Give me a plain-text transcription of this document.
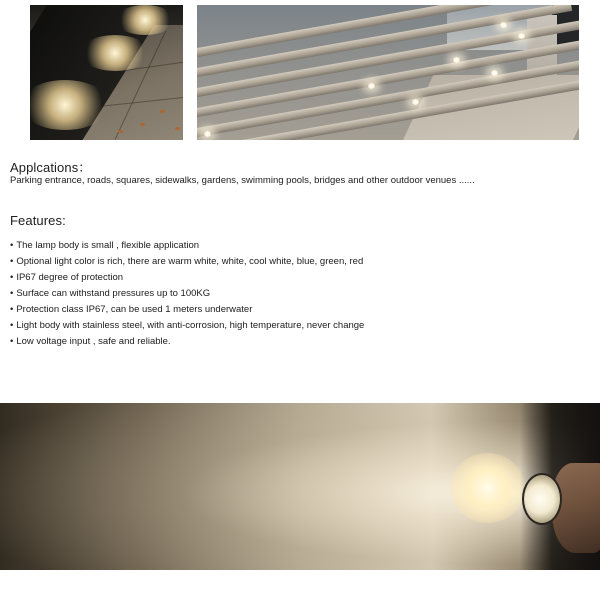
Applcations：

Parking entrance, roads, squares, sidewalks, gardens, swimming pools, bridges and other outdoor venues ......

Features:
• The lamp body is small , flexible application
• Optional light color is rich, there are warm white, white, cool white, blue, green, red
• IP67 degree of protection
• Surface can withstand pressures up to 100KG
• Protection class IP67, can be used 1 meters underwater
• Light body with stainless steel, with anti-corrosion, high temperature, never change
• Low voltage input , safe and reliable.
